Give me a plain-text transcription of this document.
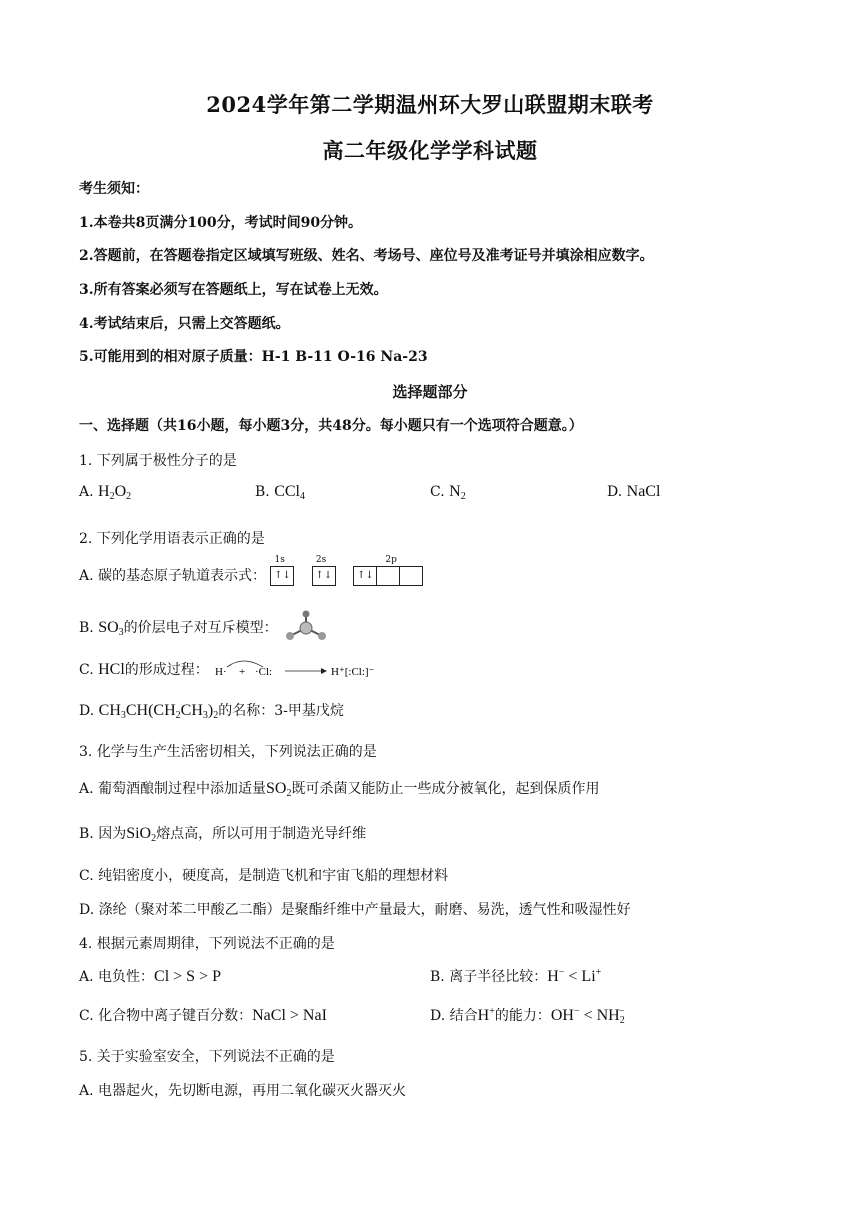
2024学年第二学期温州环大罗山联盟期末联考
高二年级化学学科试题
考生须知：
1.本卷共8页满分100分，考试时间90分钟。
2.答题前，在答题卷指定区域填写班级、姓名、考场号、座位号及准考证号并填涂相应数字。
3.所有答案必须写在答题纸上，写在试卷上无效。
4.考试结束后，只需上交答题纸。
5.可能用到的相对原子质量：H-1 B-11 O-16 Na-23
选择题部分
一、选择题（共16小题，每小题3分，共48分。每小题只有一个选项符合题意。）
1. 下列属于极性分子的是
A. $H_2O_2$	B. CCl$_4$	C. $N_2$	D. NaCl
2. 下列化学用语表示正确的是
A. 碳的基态原子轨道表示式：
1s
↑↓
2s
↑↓
2p
↑↓
B. $SO_3$的价层电子对互斥模型：
C. HCl的形成过程： H· + ·Cl:	H⁺[:Cl:]⁻
D. $CH_3CH(CH_2CH_3)_2$的名称：3-甲基戊烷
3. 化学与生产生活密切相关，下列说法正确的是
A. 葡萄酒酿制过程中添加适量$SO_2$既可杀菌又能防止一些成分被氧化，起到保质作用
B. 因为SiO$_2$熔点高，所以可用于制造光导纤维
C. 纯铝密度小，硬度高，是制造飞机和宇宙飞船的理想材料
D. 涤纶（聚对苯二甲酸乙二酯）是聚酯纤维中产量最大，耐磨、易洗，透气性和吸湿性好
4. 根据元素周期律，下列说法不正确的是
A. 电负性：Cl > S > P	B. 离子半径比较：H− < Li+
C. 化合物中离子键百分数：NaCl > NaI	D. 结合H+的能力：$OH^- < NH_2^-$
5. 关于实验室安全，下列说法不正确的是
A. 电器起火，先切断电源，再用二氧化碳灭火器灭火
